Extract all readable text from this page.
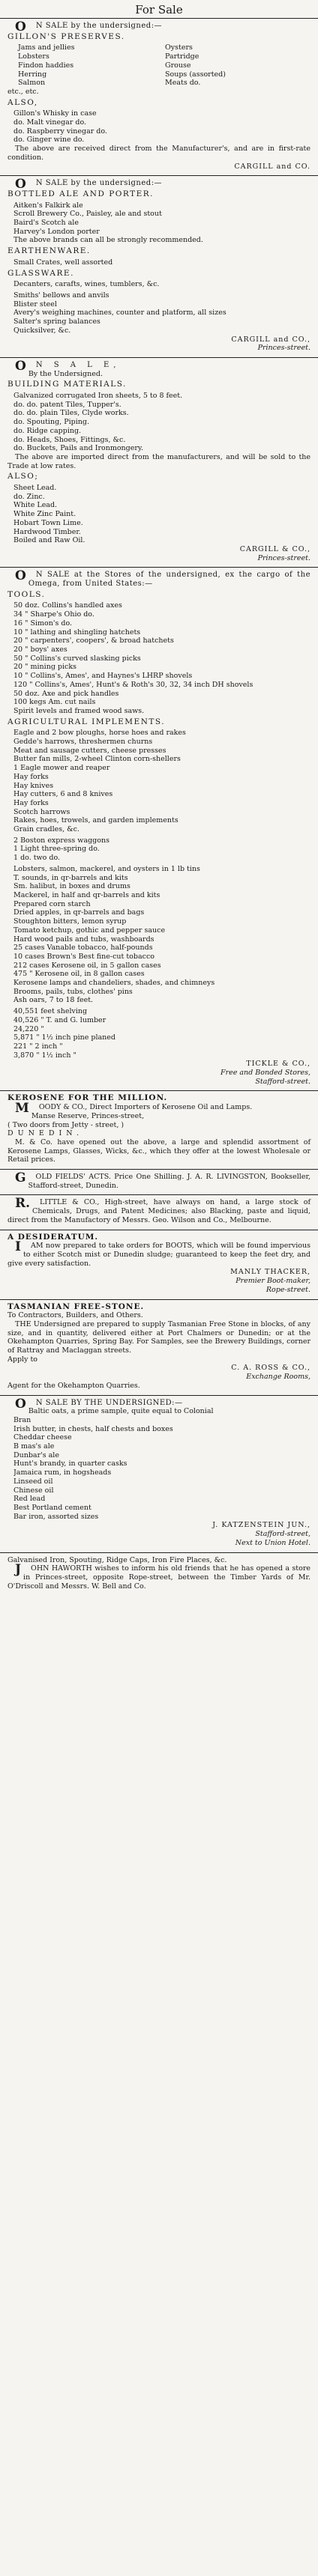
For Sale

O N SALE by the undersigned:—

GILLON'S PRESERVES.

Jams and jellies	Oysters
Lobsters	Partridge
Findon haddies	Grouse
Herring	Soups (assorted)
Salmon	Meats do.

etc., etc.

ALSO,

Gillon's Whisky in case
do. Malt vinegar do.
do. Raspberry vinegar do.
do. Ginger wine do.

The above are received direct from the Manufacturer's, and are in first-rate condition.

CARGILL and CO.

O N SALE by the undersigned:—

BOTTLED ALE AND PORTER.

Aitken's Falkirk ale
Scroll Brewery Co., Paisley, ale and stout
Baird's Scotch ale
Harvey's London porter
The above brands can all be strongly recommended.

EARTHENWARE.

Small Crates, well assorted

GLASSWARE.

Decanters, carafts, wines, tumblers, &c.
Smiths' bellows and anvils
Blister steel
Avery's weighing machines, counter and platform, all sizes
Salter's spring balances
Quicksilver, &c.
CARGILL and CO.,
Princes-street.

O N S A L E,

By the Undersigned.

BUILDING MATERIALS.

Galvanized corrugated Iron sheets, 5 to 8 feet.
do. do. patent Tiles, Tupper's.
do. do. plain Tiles, Clyde works.
do. Spouting, Piping.
do. Ridge capping.
do. Heads, Shoes, Fittings, &c.
do. Buckets, Pails and Ironmongery.

The above are imported direct from the manufacturers, and will be sold to the Trade at low rates.

ALSO;

Sheet Lead.
do. Zinc.
White Lead.
White Zinc Paint.
Hobart Town Lime.
Hardwood Timber.
Boiled and Raw Oil.
CARGILL & CO.,
Princes-street.

O N SALE at the Stores of the undersigned, ex the cargo of the Omega, from United States:—

TOOLS.

50 doz. Collins's handled axes
34 " Sharpe's Ohio do.
16 " Simon's do.
10 " lathing and shingling hatchets
20 " carpenters', coopers', & broad hatchets
20 " boys' axes
50 " Collins's curved slasking picks
20 " mining picks
10 " Collins's, Ames', and Haynes's LHRP shovels
120 " Collins's, Ames', Hunt's & Roth's 30, 32, 34 inch DH shovels
50 doz. Axe and pick handles
100 kegs Am. cut nails
Spirit levels and framed wood saws.

AGRICULTURAL IMPLEMENTS.

Eagle and 2 bow ploughs, horse hoes and rakes
Gedde's harrows, threshermen churns
Meat and sausage cutters, cheese presses
Butter fan mills, 2-wheel Clinton corn-shellers
1 Eagle mower and reaper
Hay forks
Hay knives
Hay cutters, 6 and 8 knives
Hay forks
Scotch harrows
Rakes, hoes, trowels, and garden implements
Grain cradles, &c.
2 Boston express waggons
1 Light three-spring do.
1 do. two do.
Lobsters, salmon, mackerel, and oysters in 1 lb tins
T. sounds, in qr-barrels and kits
Sm. halibut, in boxes and drums
Mackerel, in half and qr-barrels and kits
Prepared corn starch
Dried apples, in qr-barrels and bags
Stoughton bitters, lemon syrup
Tomato ketchup, gothic and pepper sauce
Hard wood pails and tubs, washboards
25 cases Vanable tobacco, half-pounds
10 cases Brown's Best fine-cut tobacco
212 cases Kerosene oil, in 5 gallon cases
475 " Kerosene oil, in 8 gallon cases
Kerosene lamps and chandeliers, shades, and chimneys
Brooms, pails, tubs, clothes' pins
Ash oars, 7 to 18 feet.
40,551 feet shelving
40,526 " T. and G. lumber
24,220 "
5,871 " 1½ inch pine planed
221 " 2 inch "
3,870 " 1½ inch "
TICKLE & CO.,
Free and Bonded Stores,
Stafford-street.

KEROSENE FOR THE MILLION.

M OODY & CO., Direct Importers of Kerosene Oil and Lamps.

Manse Reserve, Princes-street,

( Two doors from Jetty - street, )

DUNEDIN.

M. & Co. have opened out the above, a large and splendid assortment of Kerosene Lamps, Glasses, Wicks, &c., which they offer at the lowest Wholesale or Retail prices.

G OLD FIELDS' ACTS. Price One Shilling. J. A. R. LIVINGSTON, Bookseller, Stafford-street, Dunedin.

R. LITTLE & CO., High-street, have always on hand, a large stock of Chemicals, Drugs, and Patent Medicines; also Blacking, paste and liquid, direct from the Manufactory of Messrs. Geo. Wilson and Co., Melbourne.

A DESIDERATUM.

I AM now prepared to take orders for BOOTS, which will be found impervious to either Scotch mist or Dunedin sludge; guaranteed to keep the feet dry, and give every satisfaction.

MANLY THACKER,
Premier Boot-maker,
Rope-street.

TASMANIAN FREE-STONE.

To Contractors, Builders, and Others.

THE Undersigned are prepared to supply Tasmanian Free Stone in blocks, of any size, and in quantity, delivered either at Port Chalmers or Dunedin; or at the Okehampton Quarries, Spring Bay. For Samples, see the Brewery Buildings, corner of Rattray and Maclaggan streets.

Apply to

C. A. ROSS & CO.,
Exchange Rooms,

Agent for the Okehampton Quarries.

O N SALE BY THE UNDERSIGNED:—

Baltic oats, a prime sample, quite equal to Colonial
Bran
Irish butter, in chests, half chests and boxes
Cheddar cheese
B mas's ale
Dunbar's ale
Hunt's brandy, in quarter casks
Jamaica rum, in hogsheads
Linseed oil
Chinese oil
Red lead
Best Portland cement
Bar iron, assorted sizes
J. KATZENSTEIN JUN.,
Stafford-street,
Next to Union Hotel.

Galvanised Iron, Spouting, Ridge Caps, Iron Fire Places, &c.

J OHN HAWORTH wishes to inform his old friends that he has opened a store in Princes-street, opposite Rope-street, between the Timber Yards of Mr. O'Driscoll and Messrs. W. Bell and Co.
